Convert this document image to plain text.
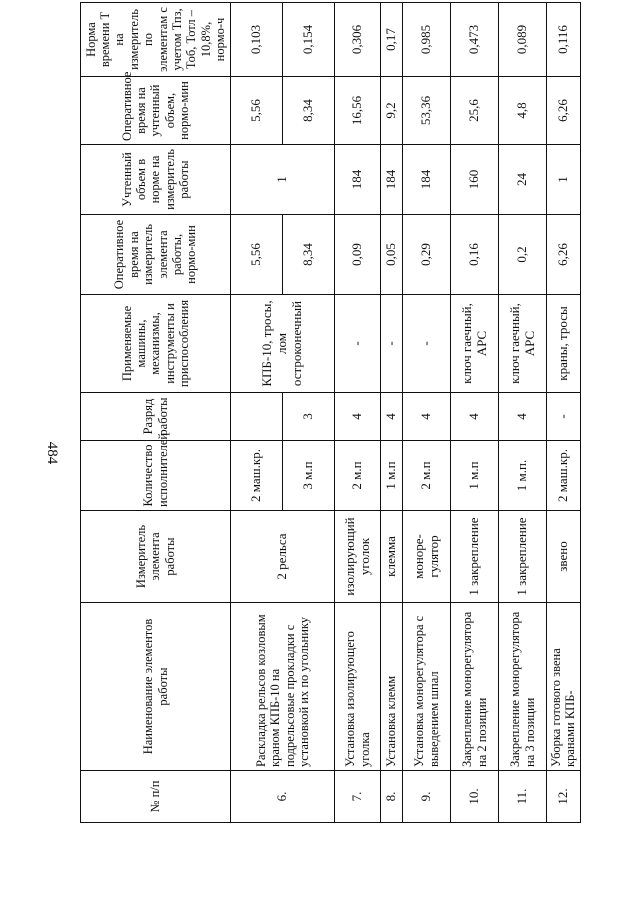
484
№ п/п	Наименование элементов работы	Измеритель элемента работы	Количество исполнителей	Разряд работы	Применяемые машины, механизмы, инструменты и приспособления	Оперативное время на измеритель элемента работы, нормо-мин	Учтенный объем в норме на измеритель работы	Оперативное время на учтенный объем, нормо-мин	Норма времени Т на измеритель по элементам с учетом Тпз, Тоб, Тотл – 10,8%, нормо-ч
6.	Раскладка рельсов козловым краном КПБ-10 на подрельсовые прокладки с установкой их по угольнику	2 рельса	2 маш.кр.		КПБ-10, тросы, лом остроконечный	5,56	1	5,56	0,103
			3 м.п	3		8,34		8,34	0,154
7.	Установка изолирующего уголка	изолирующий уголок	2 м.п	4	-	0,09	184	16,56	0,306
8.	Установка клемм	клемма	1 м.п	4	-	0,05	184	9,2	0,17
9.	Установка монорегулятора с выведением шпал	моноре-гулятор	2 м.п	4	-	0,29	184	53,36	0,985
10.	Закрепление монорегулятора на 2 позиции	1 закрепление	1 м.п	4	ключ гаечный, АРС	0,16	160	25,6	0,473
11.	Закрепление монорегулятора на 3 позиции	1 закрепление	1 м.п.	4	ключ гаечный, АРС	0,2	24	4,8	0,089
12.	Уборка готового звена кранами КПБ-	звено	2 маш.кр.	-	краны, тросы	6,26	1	6,26	0,116
